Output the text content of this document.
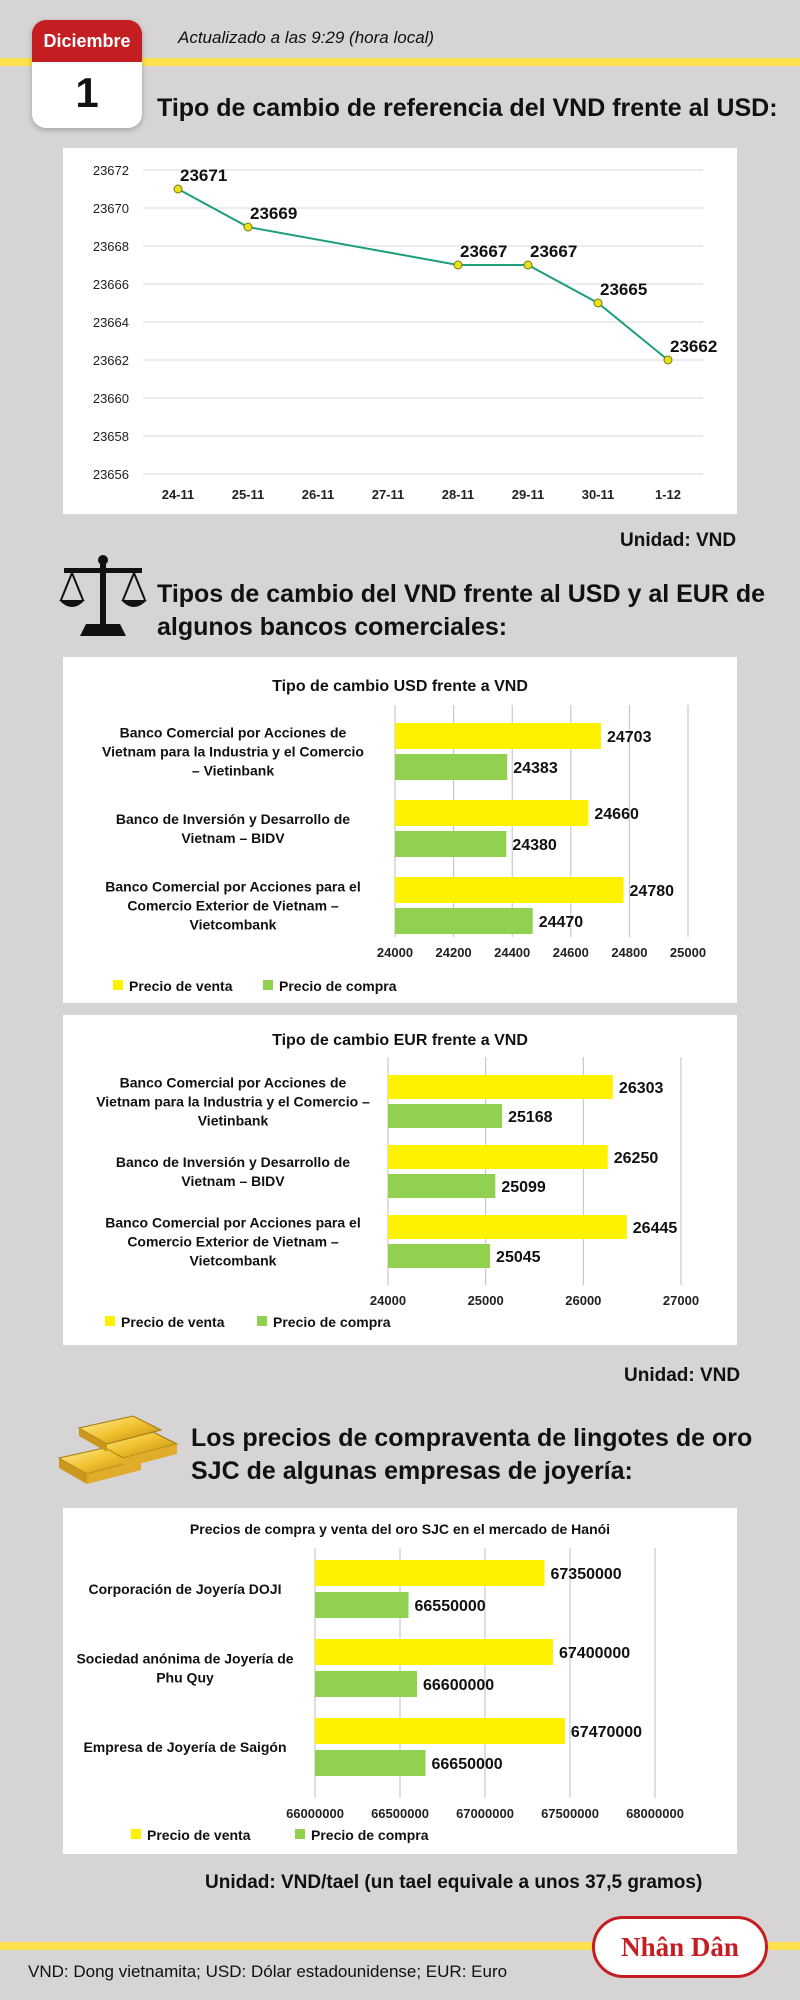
Diciembre
1
Actualizado a las 9:29 (hora local)
Tipo de cambio de referencia del VND frente al USD:
23656
23658
23660
23662
23664
23666
23668
23670
23672
24-11	25-11	26-11	27-11	28-11	29-11	30-11	1-12
23671
23669
23667 23667
23665
23662
Unidad: VND
Tipos de cambio del VND frente al USD y al EUR de
algunos bancos comerciales:
Tipo de cambio USD frente a VND
24000 24200 24400 24600 24800 25000
24703
24383
Banco Comercial por Acciones de
Vietnam para la Industria y el Comercio
– Vietinbank
24660
24380
Banco de Inversión y Desarrollo de
Vietnam – BIDV
24780
24470
Banco Comercial por Acciones para el
Comercio Exterior de Vietnam –
Vietcombank
Precio de venta	Precio de compra
Tipo de cambio EUR frente a VND
24000	25000	26000	27000
26303
25168
Banco Comercial por Acciones de
Vietnam para la Industria y el Comercio –
Vietinbank
26250
25099
Banco de Inversión y Desarrollo de
Vietnam – BIDV
26445
25045
Banco Comercial por Acciones para el
Comercio Exterior de Vietnam –
Vietcombank
Precio de venta	Precio de compra
Unidad: VND
Los precios de compraventa de lingotes de oro
SJC de algunas empresas de joyería:
Precios de compra y venta del oro SJC en el mercado de Hanói
66000000 66500000 67000000 67500000 68000000
67350000
66550000
Corporación de Joyería DOJI
67400000
66600000
Sociedad anónima de Joyería de
Phu Quy
67470000
66650000
Empresa de Joyería de Saigón
Precio de venta	Precio de compra
Unidad: VND/tael (un tael equivale a unos 37,5 gramos)
Nhân Dân
VND: Dong vietnamita; USD: Dólar estadounidense; EUR: Euro
